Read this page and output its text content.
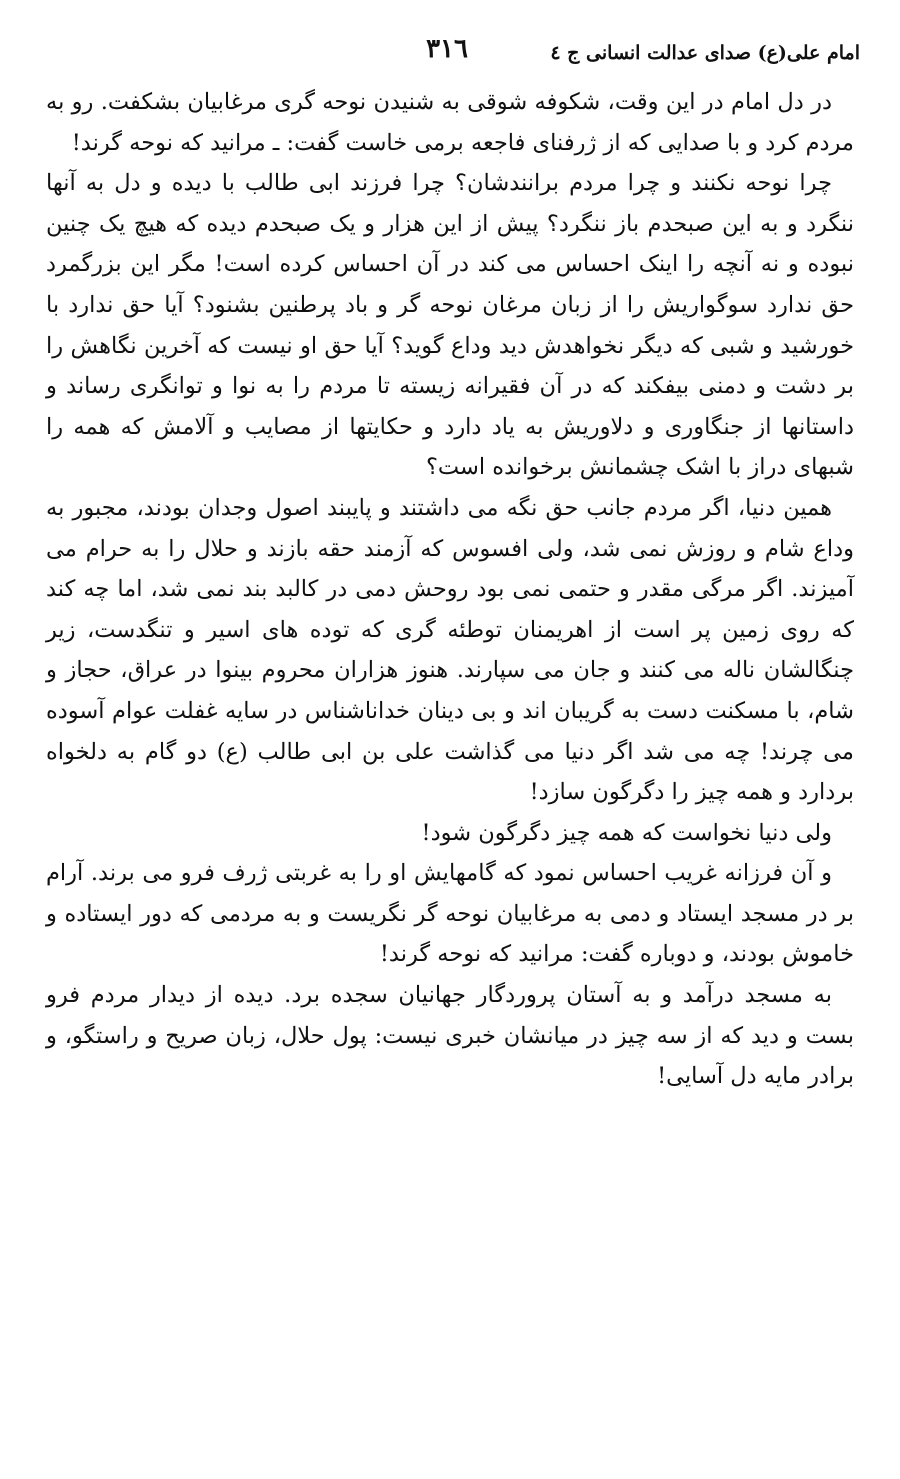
امام علی(ع) صدای عدالت انسانی ج ٤
٣١٦

در دل امام در این وقت، شکوفه شوقی به شنیدن نوحه گری مرغابیان بشکفت. رو به مردم کرد و با صدایی که از ژرفنای فاجعه برمی خاست گفت: ـ مرانید که نوحه گرند!

چرا نوحه نکنند و چرا مردم برانندشان؟ چرا فرزند ابی طالب با دیده و دل به آنها ننگرد و به این صبحدم باز ننگرد؟ پیش از این هزار و یک صبحدم دیده که هیچ یک چنین نبوده و نه آنچه را اینک احساس می کند در آن احساس کرده است! مگر این بزرگمرد حق ندارد سوگواریش را از زبان مرغان نوحه گر و باد پرطنین بشنود؟ آیا حق ندارد با خورشید و شبی که دیگر نخواهدش دید وداع گوید؟ آیا حق او نیست که آخرین نگاهش را بر دشت و دمنی بیفکند که در آن فقیرانه زیسته تا مردم را به نوا و توانگری رساند و داستانها از جنگاوری و دلاوریش به یاد دارد و حکایتها از مصایب و آلامش که همه را شبهای دراز با اشک چشمانش برخوانده است؟

همین دنیا، اگر مردم جانب حق نگه می داشتند و پایبند اصول وجدان بودند، مجبور به وداع شام و روزش نمی شد، ولی افسوس که آزمند حقه بازند و حلال را به حرام می آمیزند. اگر مرگی مقدر و حتمی نمی بود روحش دمی در کالبد بند نمی شد، اما چه کند که روی زمین پر است از اهریمنان توطئه گری که توده های اسیر و تنگدست، زیر چنگالشان ناله می کنند و جان می سپارند. هنوز هزاران محروم بینوا در عراق، حجاز و شام، با مسکنت دست به گریبان اند و بی دینان خداناشناس در سایه غفلت عوام آسوده می چرند! چه می شد اگر دنیا می گذاشت علی بن ابی طالب (ع) دو گام به دلخواه بردارد و همه چیز را دگرگون سازد!

ولی دنیا نخواست که همه چیز دگرگون شود!

و آن فرزانه غریب احساس نمود که گامهایش او را به غربتی ژرف فرو می برند. آرام بر در مسجد ایستاد و دمی به مرغابیان نوحه گر نگریست و به مردمی که دور ایستاده و خاموش بودند، و دوباره گفت: مرانید که نوحه گرند!

به مسجد درآمد و به آستان پروردگار جهانیان سجده برد. دیده از دیدار مردم فرو بست و دید که از سه چیز در میانشان خبری نیست: پول حلال، زبان صریح و راستگو، و برادر مایه دل آسایی!
